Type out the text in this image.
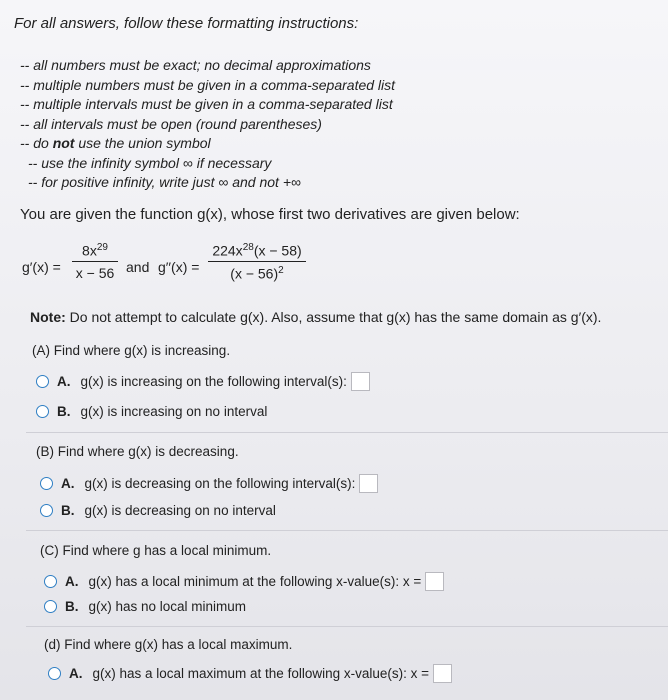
For all answers, follow these formatting instructions:
-- all numbers must be exact; no decimal approximations
-- multiple numbers must be given in a comma-separated list
-- multiple intervals must be given in a comma-separated list
-- all intervals must be open (round parentheses)
-- do not use the union symbol
-- use the infinity symbol ∞ if necessary
-- for positive infinity, write just ∞ and not +∞
You are given the function g(x), whose first two derivatives are given below:
$g'(x) = \frac{8x^{29}}{x - 56}$ and $g''(x) = \frac{224x^{28}(x - 58)}{(x - 56)^2}$
Note: Do not attempt to calculate g(x). Also, assume that g(x) has the same domain as g′(x).
(A) Find where g(x) is increasing.
A. g(x) is increasing on the following interval(s):
B. g(x) is increasing on no interval
(B) Find where g(x) is decreasing.
A. g(x) is decreasing on the following interval(s):
B. g(x) is decreasing on no interval
(C) Find where g has a local minimum.
A. g(x) has a local minimum at the following x-value(s): x =
B. g(x) has no local minimum
(d) Find where g(x) has a local maximum.
A. g(x) has a local maximum at the following x-value(s): x =
